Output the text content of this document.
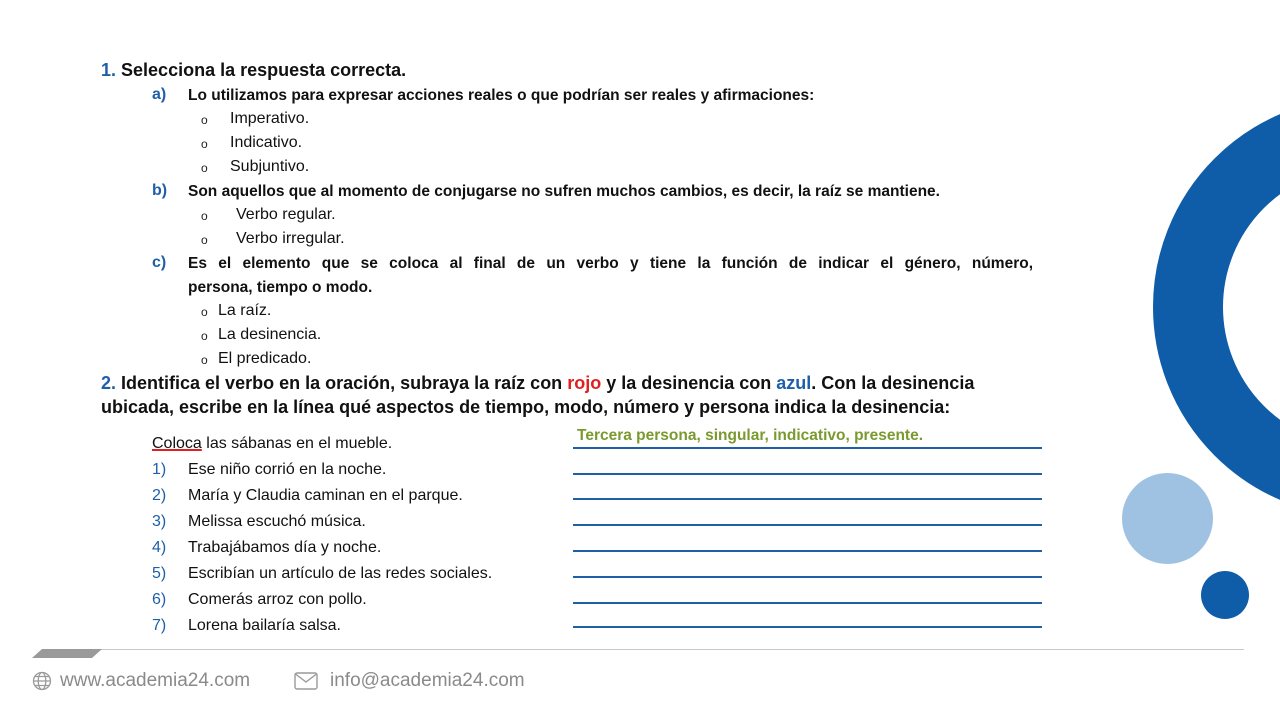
1. Selecciona la respuesta correcta.
a) Lo utilizamos para expresar acciones reales o que podrían ser reales y afirmaciones:
o Imperativo.
o Indicativo.
o Subjuntivo.
b) Son aquellos que al momento de conjugarse no sufren muchos cambios, es decir, la raíz se mantiene.
o Verbo regular.
o Verbo irregular.
c) Es el elemento que se coloca al final de un verbo y tiene la función de indicar el género, número,
persona, tiempo o modo.
o La raíz.
o La desinencia.
o El predicado.
2. Identifica el verbo en la oración, subraya la raíz con rojo y la desinencia con azul. Con la desinencia
ubicada, escribe en la línea qué aspectos de tiempo, modo, número y persona indica la desinencia:
Coloca las sábanas en el mueble.	Tercera persona, singular, indicativo, presente.
1) Ese niño corrió en la noche.
2) María y Claudia caminan en el parque.
3) Melissa escuchó música.
4) Trabajábamos día y noche.
5) Escribían un artículo de las redes sociales.
6) Comerás arroz con pollo.
7) Lorena bailaría salsa.
www.academia24.com	info@academia24.com
